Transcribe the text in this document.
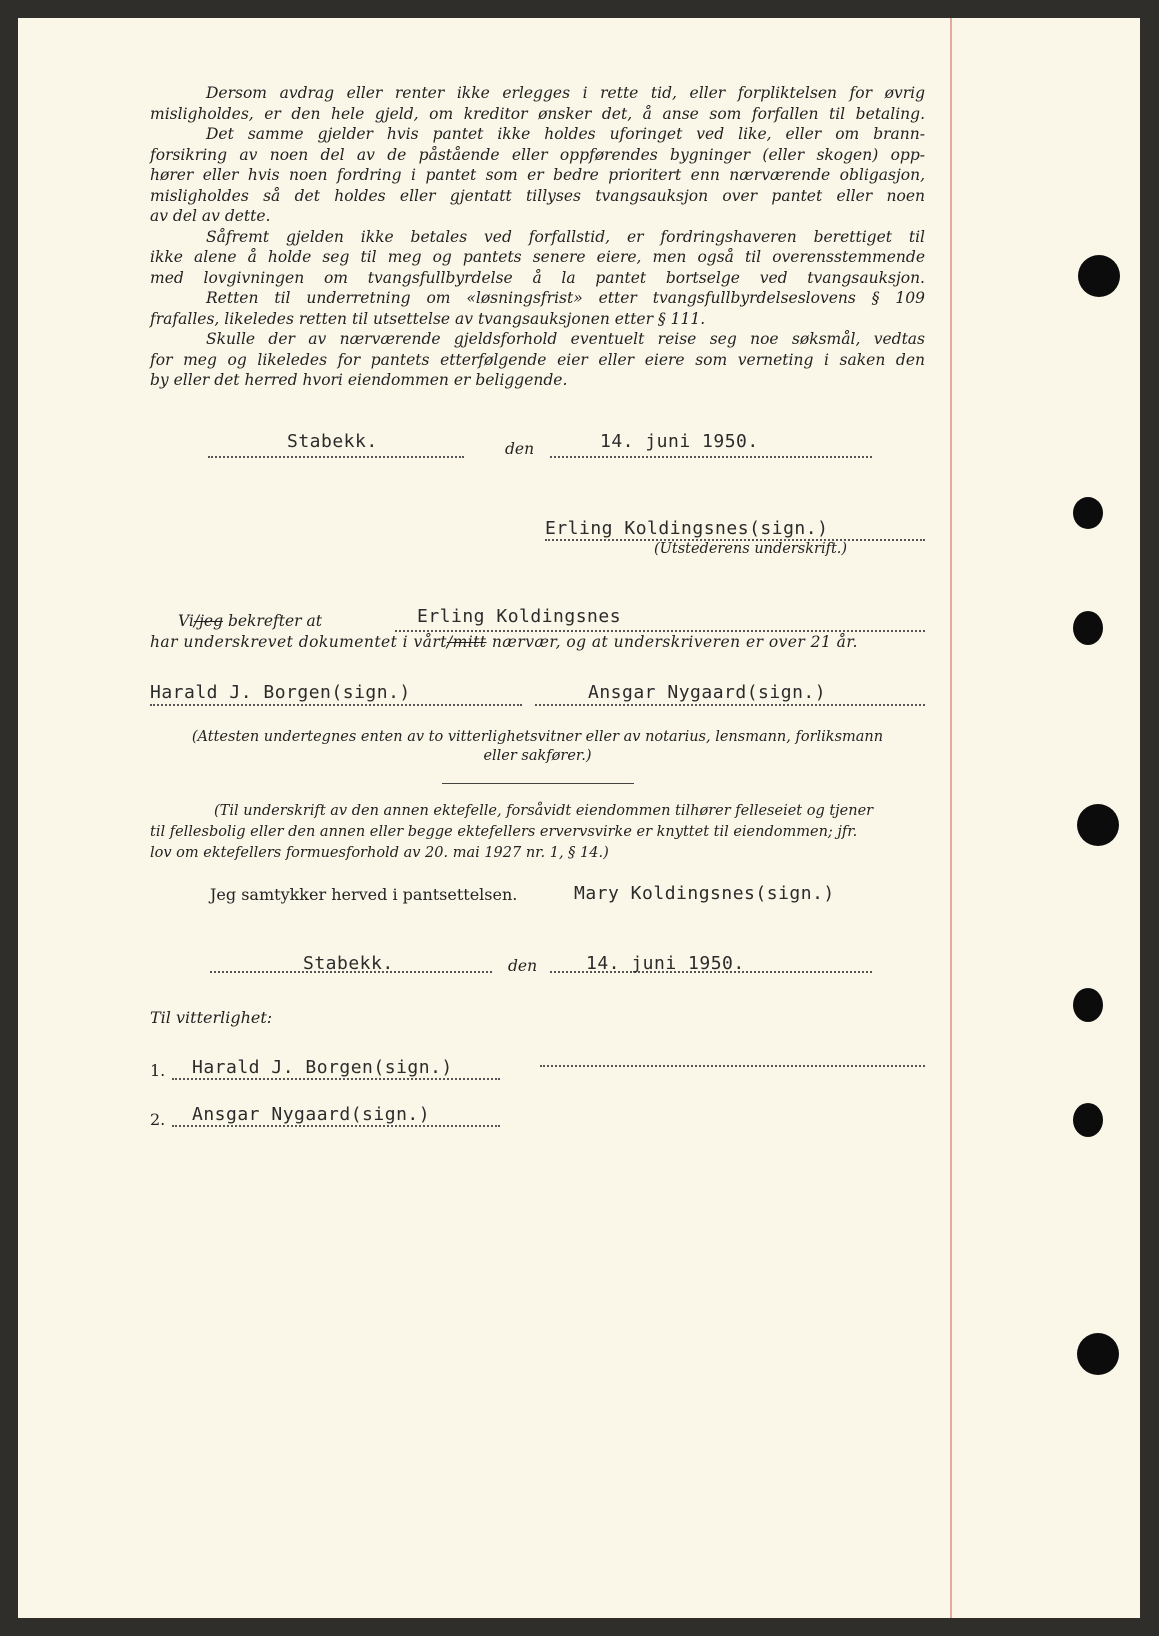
Dersom avdrag eller renter ikke erlegges i rette tid, eller forpliktelsen for øvrig
misligholdes, er den hele gjeld, om kreditor ønsker det, å anse som forfallen til betaling.
Det samme gjelder hvis pantet ikke holdes uforinget ved like, eller om brann-
forsikring av noen del av de påstående eller oppførendes bygninger (eller skogen) opp-
hører eller hvis noen fordring i pantet som er bedre prioritert enn nærværende obligasjon,
misligholdes så det holdes eller gjentatt tillyses tvangsauksjon over pantet eller noen
av del av dette.
Såfremt gjelden ikke betales ved forfallstid, er fordringshaveren berettiget til
ikke alene å holde seg til meg og pantets senere eiere, men også til overensstemmende
med lovgivningen om tvangsfullbyrdelse å la pantet bortselge ved tvangsauksjon.
Retten til underretning om «løsningsfrist» etter tvangsfullbyrdelseslovens § 109
frafalles, likeledes retten til utsettelse av tvangsauksjonen etter § 111.
Skulle der av nærværende gjeldsforhold eventuelt reise seg noe søksmål, vedtas
for meg og likeledes for pantets etterfølgende eier eller eiere som verneting i saken den
by eller det herred hvori eiendommen er beliggende.
Stabekk.	den	14. juni 1950.
Erling Koldingsnes(sign.)
(Utstederens underskrift.)
Vi/jeg bekrefter at	Erling Koldingsnes
har underskrevet dokumentet i vårt/mitt nærvær, og at underskriveren er over 21 år.
Harald J. Borgen(sign.)	Ansgar Nygaard(sign.)
(Attesten undertegnes enten av to vitterlighetsvitner eller av notarius, lensmann, forliksmann
eller sakfører.)
(Til underskrift av den annen ektefelle, forsåvidt eiendommen tilhører felleseiet og tjener
til fellesbolig eller den annen eller begge ektefellers ervervsvirke er knyttet til eiendommen; jfr.
lov om ektefellers formuesforhold av 20. mai 1927 nr. 1, § 14.)
Jeg samtykker herved i pantsettelsen.	Mary Koldingsnes(sign.)
Stabekk.	den	14. juni 1950.
Til vitterlighet:
1. Harald J. Borgen(sign.)
2. Ansgar Nygaard(sign.)
